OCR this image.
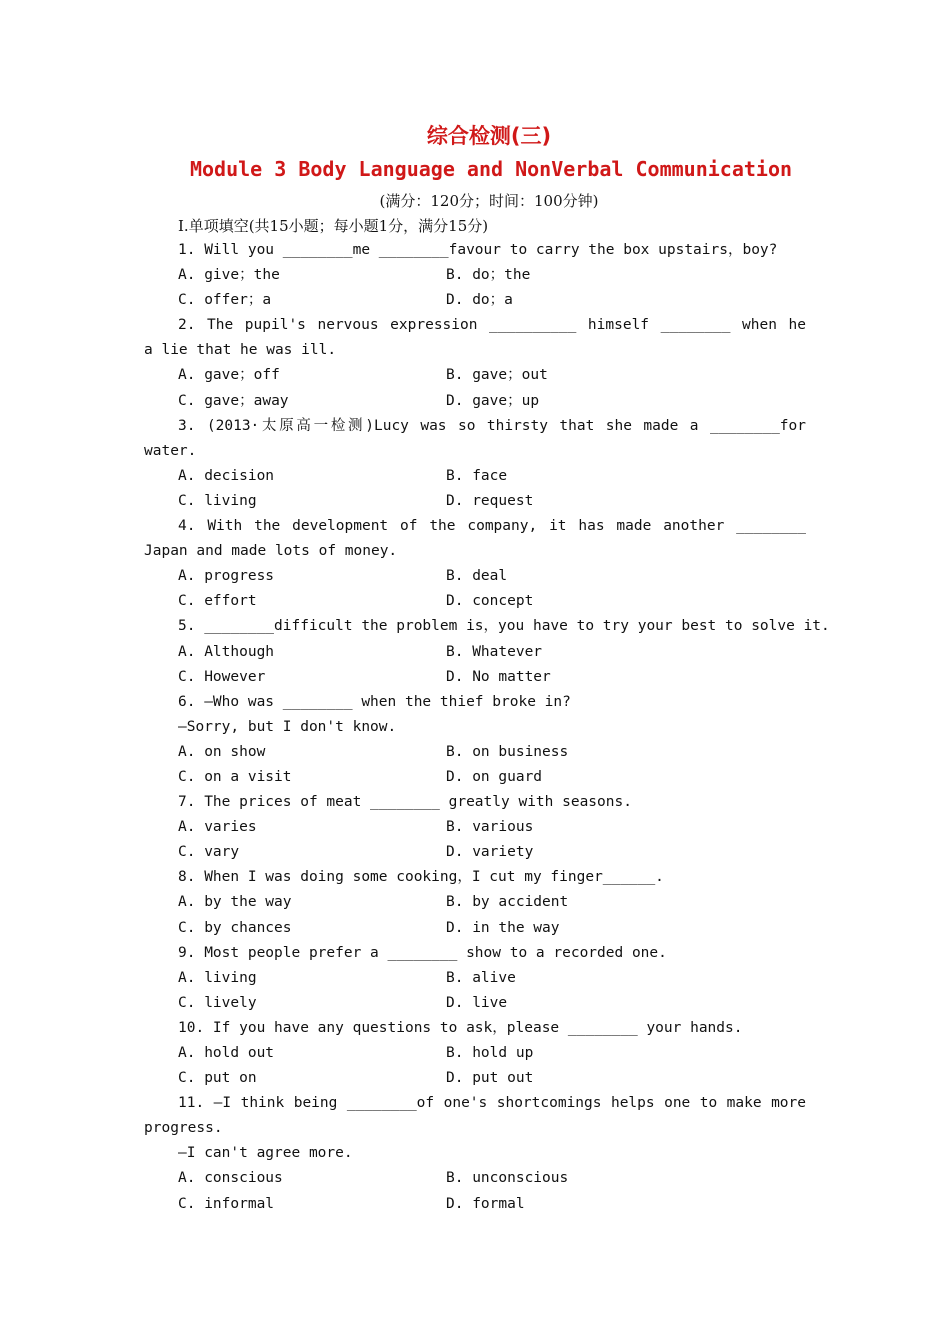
综合检测(三)
Module 3 Body Language and NonVerbal Communication
(满分：120分；时间：100分钟)
Ⅰ.单项填空(共15小题；每小题1分，满分15分)
1. Will you ________me ________favour to carry the box upstairs，boy?
A. give；the	B. do；the
C. offer；a	D. do；a
2. The pupil's nervous expression __________ himself ________ when he
a lie that he was ill.
A. gave；off	B. gave；out
C. gave；away	D. gave；up
3. (2013·太原高一检测)Lucy was so thirsty that she made a ________for
water.
A. decision	B. face
C. living	D. request
4. With the development of the company, it has made another ________
Japan and made lots of money.
A. progress	B. deal
C. effort	D. concept
5. ________difficult the problem is，you have to try your best to solve it.
A. Although	B. Whatever
C. However	D. No matter
6. —Who was ________ when the thief broke in?
—Sorry, but I don't know.
A. on show	B. on business
C. on a visit	D. on guard
7. The prices of meat ________ greatly with seasons.
A. varies	B. various
C. vary	D. variety
8. When I was doing some cooking，I cut my finger______.
A. by the way	B. by accident
C. by chances	D. in the way
9. Most people prefer a ________ show to a recorded one.
A. living	B. alive
C. lively	D. live
10. If you have any questions to ask，please ________ your hands.
A. hold out	B. hold up
C. put on	D. put out
11. —I think being ________of one's shortcomings helps one to make more
progress.
—I can't agree more.
A. conscious	B. unconscious
C. informal	D. formal
